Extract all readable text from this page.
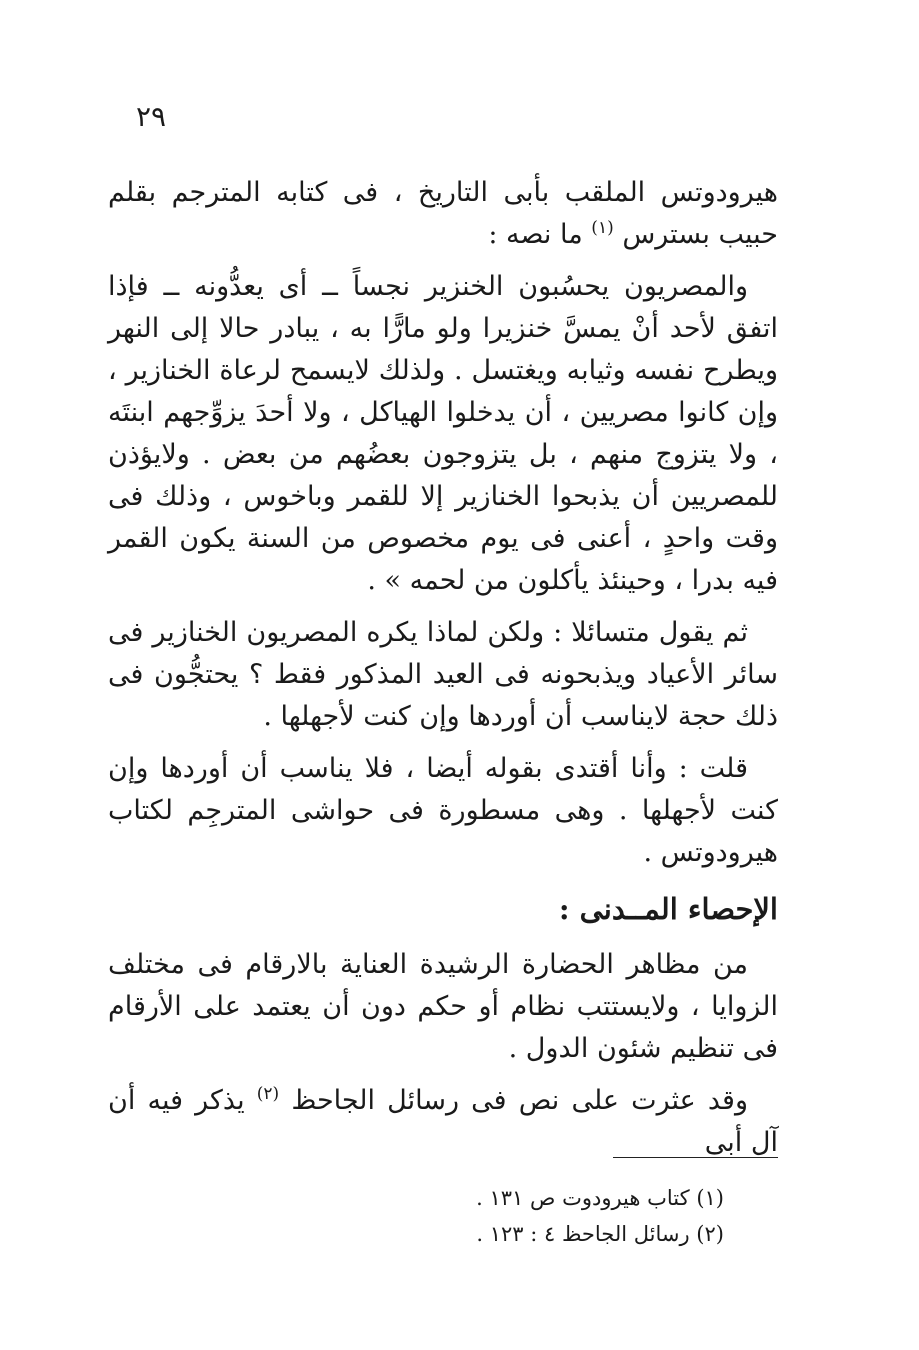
٢٩

هيرودوتس الملقب بأبى التاريخ ، فى كتابه المترجم بقلم حبيب بسترس $^{(١)}$ ما نصه :

والمصريون يحسُبون الخنزير نجساً ــ أى يعدُّونه ــ فإذا اتفق لأحد أنْ يمسَّ خنزيرا ولو مارًّا به ، يبادر حالا إلى النهر ويطرح نفسه وثيابه ويغتسل . ولذلك لايسمح لرعاة الخنازير ، وإن كانوا مصريين ، أن يدخلوا الهياكل ، ولا أحدَ يزوِّجهم ابنتَه ، ولا يتزوج منهم ، بل يتزوجون بعضُهم من بعض . ولايؤذن للمصريين أن يذبحوا الخنازير إلا للقمر وباخوس ، وذلك فى وقت واحدٍ ، أعنى فى يوم مخصوص من السنة يكون القمر فيه بدرا ، وحينئذ يأكلون من لحمه » .

ثم يقول متسائلا : ولكن لماذا يكره المصريون الخنازير فى سائر الأعياد ويذبحونه فى العيد المذكور فقط ؟ يحتجُّون فى ذلك حجة لايناسب أن أوردها وإن كنت لأجهلها .

قلت : وأنا أقتدى بقوله أيضا ، فلا يناسب أن أوردها وإن كنت لأجهلها . وهى مسطورة فى حواشى المترجِم لكتاب هيرودوتس .

الإحصاء المــدنى :

من مظاهر الحضارة الرشيدة العناية بالارقام فى مختلف الزوايا ، ولايستتب نظام أو حكم دون أن يعتمد على الأرقام فى تنظيم شئون الدول .

وقد عثرت على نص فى رسائل الجاحظ $^{(٢)}$ يذكر فيه أن آل أبى

(١) كتاب هيرودوت ص ١٣١ .
(٢) رسائل الجاحظ ٤ : ١٢٣ .
